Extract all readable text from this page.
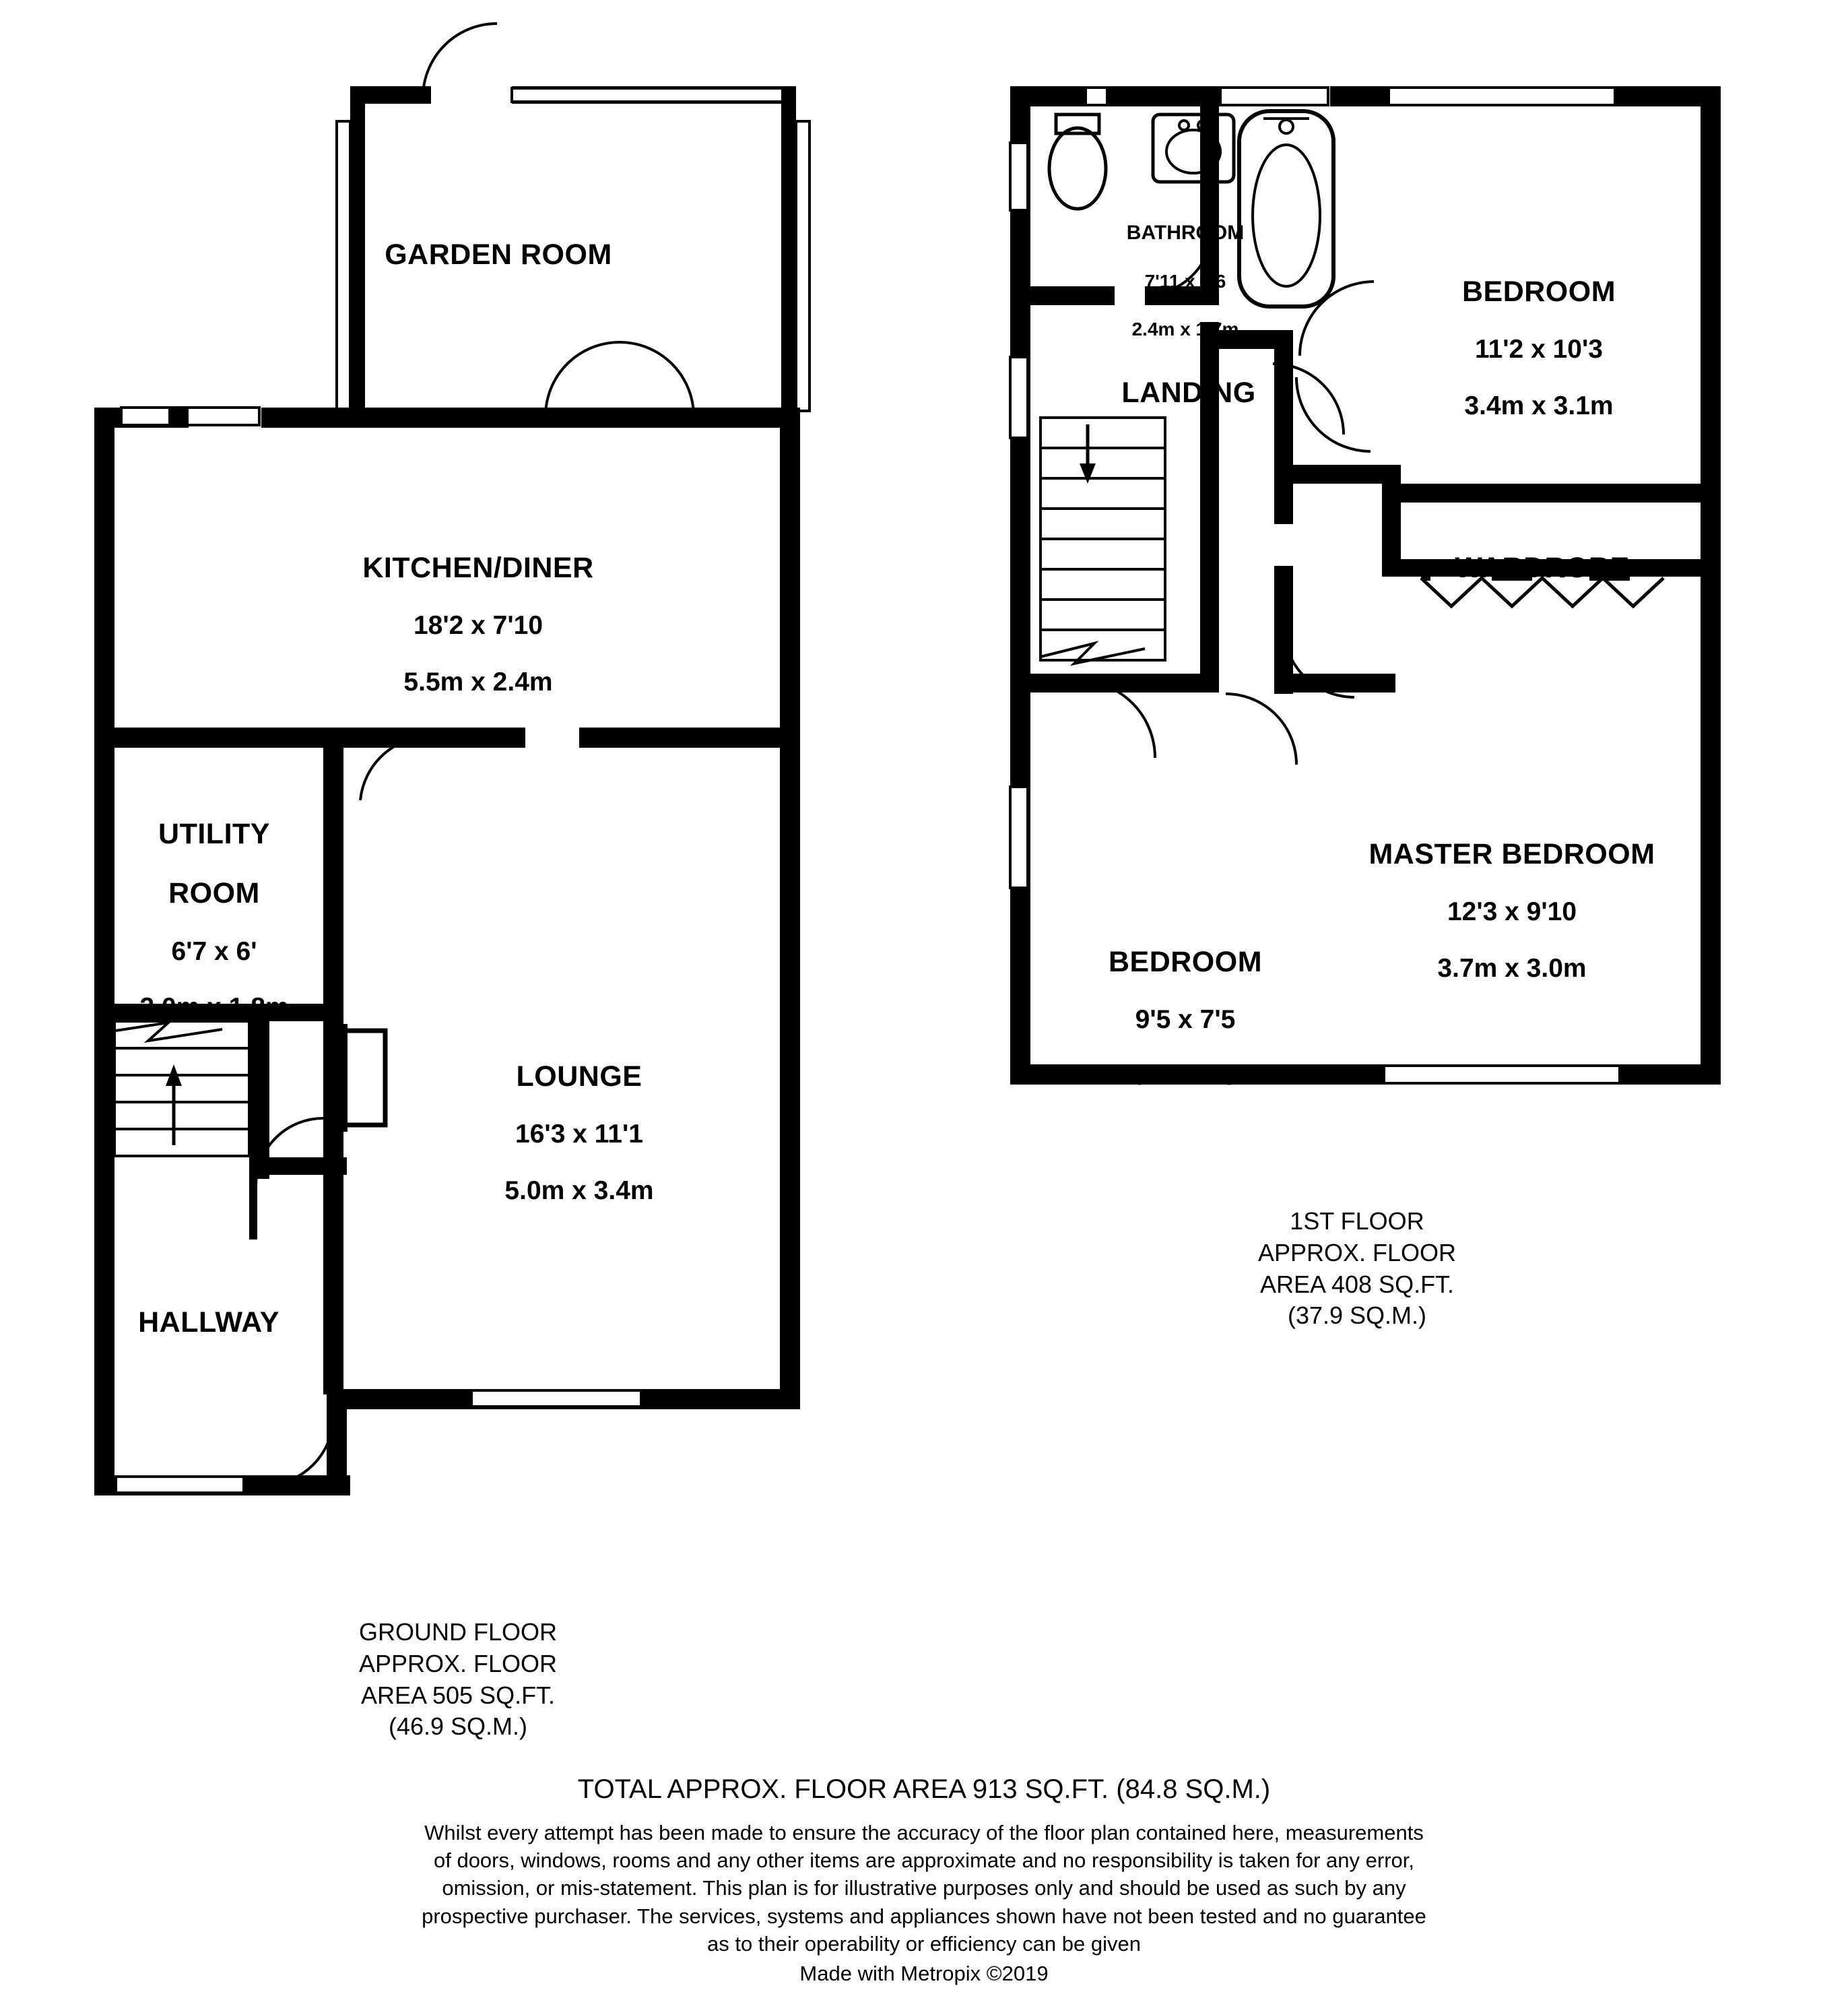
GARDEN ROOM

KITCHEN/DINER

18'2 x 7'10

5.5m x 2.4m

UTILITY

ROOM

6'7 x 6'

2.0m x 1.8m

LOUNGE

16'3 x 11'1

5.0m x 3.4m

HALLWAY

BATHROOM

7'11 x 5'6

2.4m x 1.7m

LANDING

BEDROOM

11'2 x 10'3

3.4m x 3.1m

WARDROBE

MASTER BEDROOM

12'3 x 9'10

3.7m x 3.0m

BEDROOM

9'5 x 7'5

2.9m x 2.3m

1ST FLOOR
APPROX. FLOOR
AREA 408 SQ.FT.
(37.9 SQ.M.)
GROUND FLOOR
APPROX. FLOOR
AREA 505 SQ.FT.
(46.9 SQ.M.)
TOTAL APPROX. FLOOR AREA 913 SQ.FT. (84.8 SQ.M.)
Whilst every attempt has been made to ensure the accuracy of the floor plan contained here, measurements
of doors, windows, rooms and any other items are approximate and no responsibility is taken for any error,
omission, or mis-statement. This plan is for illustrative purposes only and should be used as such by any
prospective purchaser. The services, systems and appliances shown have not been tested and no guarantee
as to their operability or efficiency can be given
Made with Metropix ©2019
